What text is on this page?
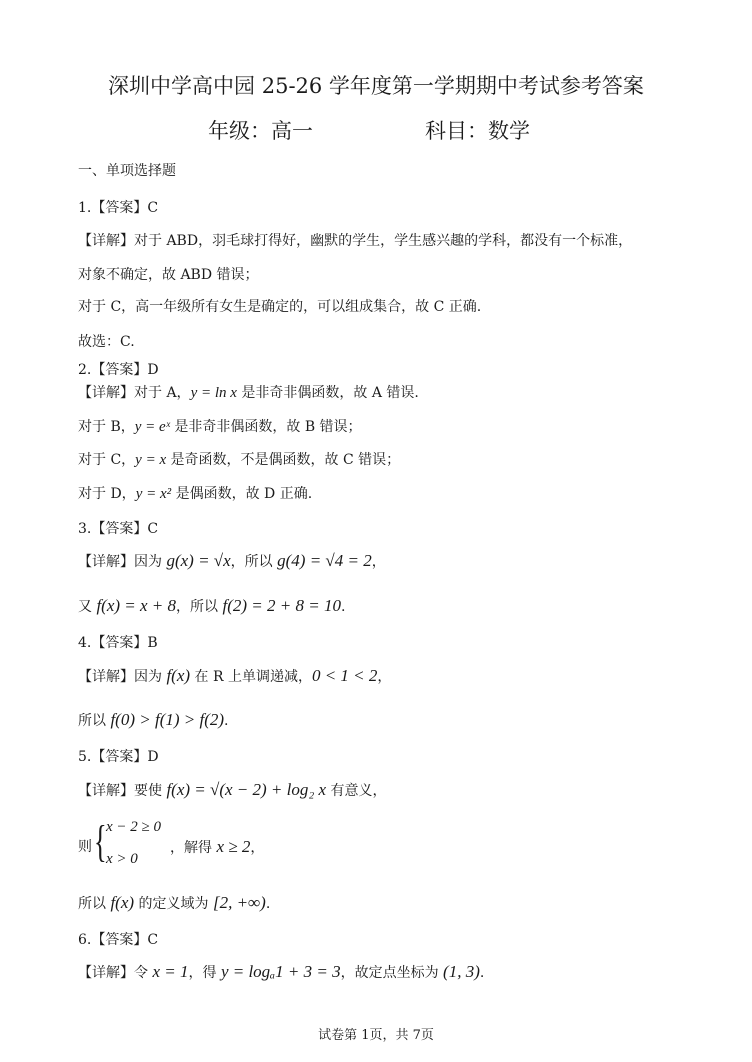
深圳中学高中园 25-26 学年度第一学期期中考试参考答案
年级：高一	科目：数学
一、单项选择题
1.【答案】C
【详解】对于 ABD，羽毛球打得好，幽默的学生，学生感兴趣的学科，都没有一个标准，
对象不确定，故 ABD 错误；
对于 C，高一年级所有女生是确定的，可以组成集合，故 C 正确.
故选：C.
2.【答案】D
【详解】对于 A，y = ln x 是非奇非偶函数，故 A 错误.
对于 B，y = eˣ 是非奇非偶函数，故 B 错误；
对于 C，y = x 是奇函数，不是偶函数，故 C 错误；
对于 D，y = x² 是偶函数，故 D 正确.
3.【答案】C
【详解】因为 g(x) = √x，所以 g(4) = √4 = 2，
又 f(x) = x + 8，所以 f(2) = 2 + 8 = 10.
4.【答案】B
【详解】因为 f(x) 在 R 上单调递减，0 < 1 < 2，
所以 f(0) > f(1) > f(2).
5.【答案】D
【详解】要使 f(x) = √(x − 2) + log₂ x 有意义，
则 { x − 2 ≥ 0
x > 0
，解得 x ≥ 2，
所以 f(x) 的定义域为 [2, +∞).
6.【答案】C
【详解】令 x = 1，得 y = logₐ1 + 3 = 3，故定点坐标为 (1, 3).
试卷第 1页，共 7页
